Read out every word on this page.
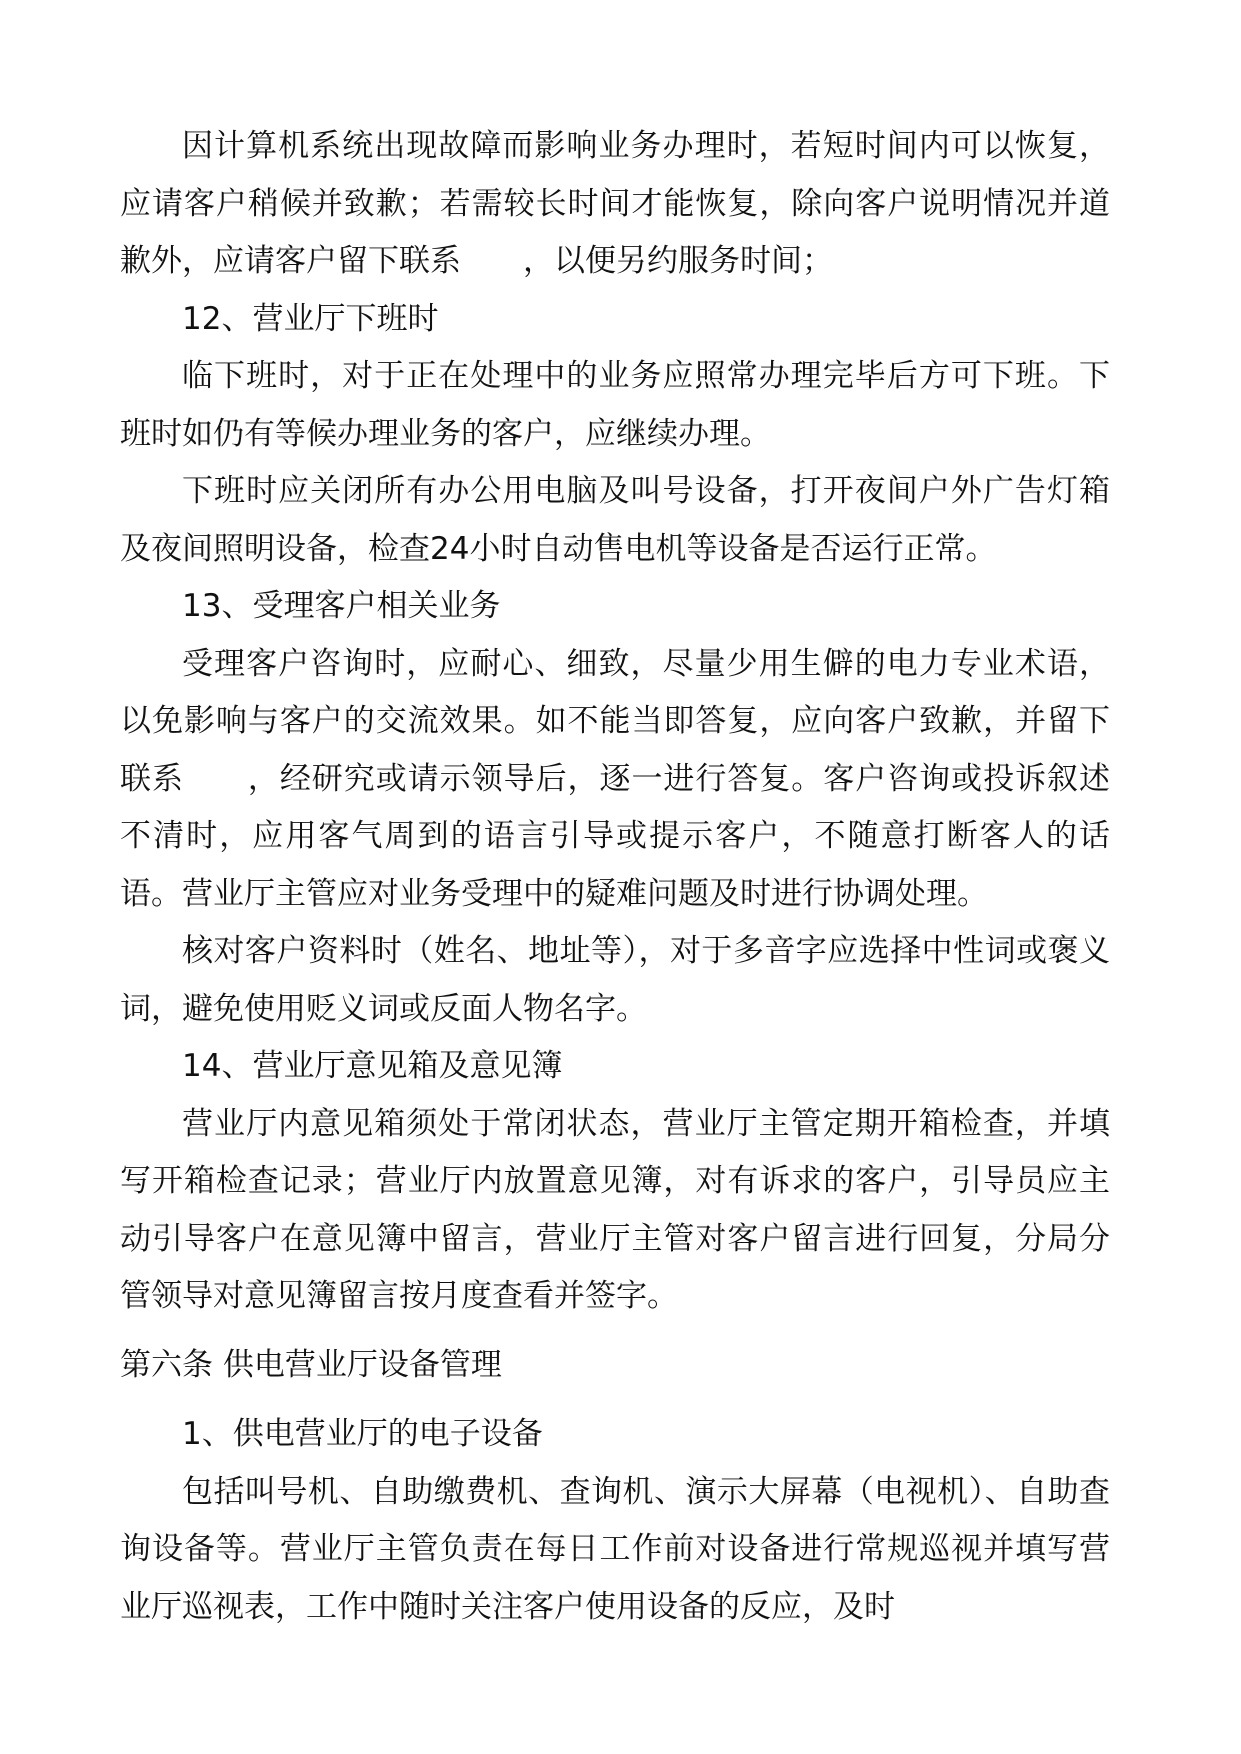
因计算机系统出现故障而影响业务办理时，若短时间内可以恢复，应请客户稍候并致歉；若需较长时间才能恢复，除向客户说明情况并道歉外，应请客户留下联系　　，以便另约服务时间；

12、营业厅下班时

临下班时，对于正在处理中的业务应照常办理完毕后方可下班。下班时如仍有等候办理业务的客户，应继续办理。

下班时应关闭所有办公用电脑及叫号设备，打开夜间户外广告灯箱及夜间照明设备，检查24小时自动售电机等设备是否运行正常。

13、受理客户相关业务

受理客户咨询时，应耐心、细致，尽量少用生僻的电力专业术语，以免影响与客户的交流效果。如不能当即答复，应向客户致歉，并留下联系　　，经研究或请示领导后，逐一进行答复。客户咨询或投诉叙述不清时，应用客气周到的语言引导或提示客户，不随意打断客人的话语。营业厅主管应对业务受理中的疑难问题及时进行协调处理。

核对客户资料时（姓名、地址等），对于多音字应选择中性词或褒义词，避免使用贬义词或反面人物名字。

14、营业厅意见箱及意见簿

营业厅内意见箱须处于常闭状态，营业厅主管定期开箱检查，并填写开箱检查记录；营业厅内放置意见簿，对有诉求的客户，引导员应主动引导客户在意见簿中留言，营业厅主管对客户留言进行回复，分局分管领导对意见簿留言按月度查看并签字。

第六条 供电营业厅设备管理

1、供电营业厅的电子设备

包括叫号机、自助缴费机、查询机、演示大屏幕（电视机）、自助查询设备等。营业厅主管负责在每日工作前对设备进行常规巡视并填写营业厅巡视表，工作中随时关注客户使用设备的反应，及时
